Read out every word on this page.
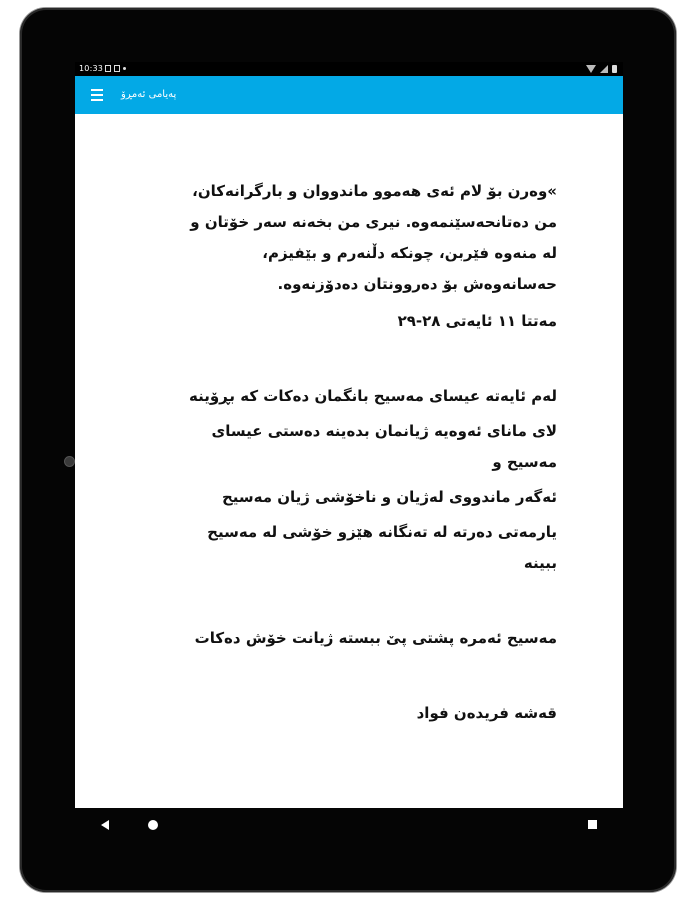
10:33
پەیامی ئەمڕۆ
»وەرن بۆ لام ئەی هەموو ماندووان و بارگرانەکان،
من دەتانحەسێنمەوە. نیری من بخەنە سەر خۆتان و
لە منەوە فێربن، چونکە دڵنەرم و بێفیزم،
حەسانەوەش بۆ دەروونتان دەدۆزنەوە.
مەتتا ١١ ئایەتی ٢٨-٢٩
لەم ئایەتە عیسای مەسیح بانگمان دەکات کە بڕۆینە
لای مانای ئەوەیە ژیانمان بدەینە دەستی عیسای
مەسیح و
ئەگەر ماندووی لەژیان و ناخۆشی ژیان مەسیح
یارمەتی دەرتە لە تەنگانە هێزو خۆشی لە مەسیح
ببینە
مەسیح ئەمرە پشتی پێ ببستە ژیانت خۆش دەکات
قەشە فریدەن فواد
